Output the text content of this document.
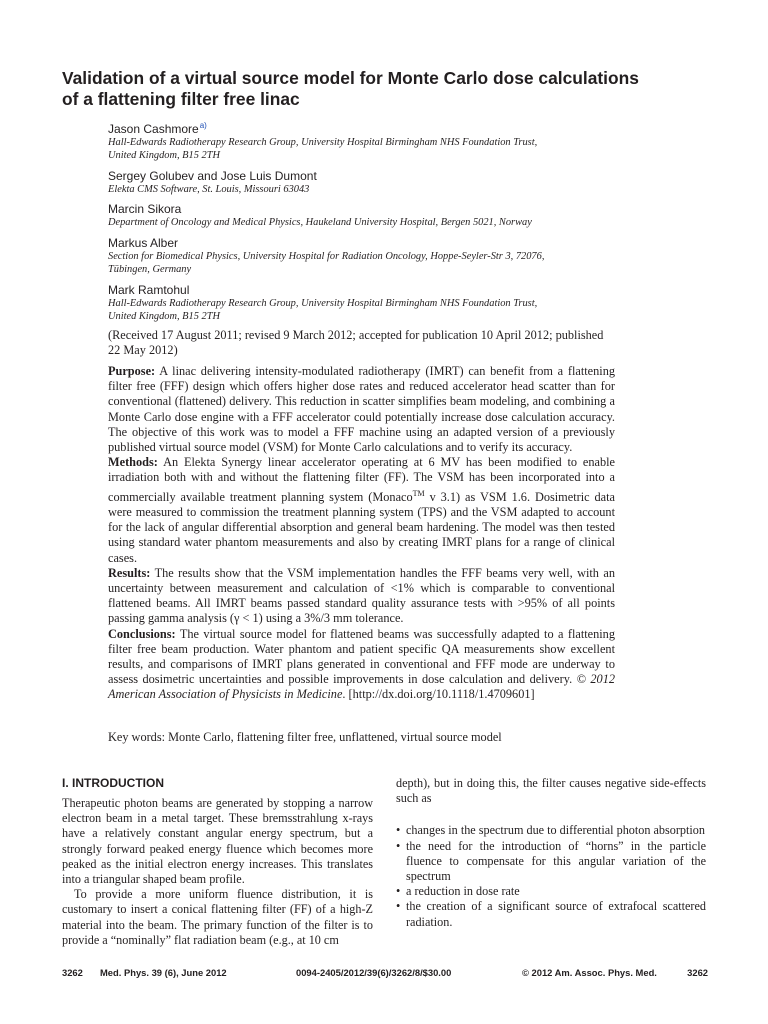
Validation of a virtual source model for Monte Carlo dose calculations
of a flattening filter free linac
Jason Cashmore$^{a)}$
Hall-Edwards Radiotherapy Research Group, University Hospital Birmingham NHS Foundation Trust,
United Kingdom, B15 2TH
Sergey Golubev and Jose Luis Dumont
Elekta CMS Software, St. Louis, Missouri 63043
Marcin Sikora
Department of Oncology and Medical Physics, Haukeland University Hospital, Bergen 5021, Norway
Markus Alber
Section for Biomedical Physics, University Hospital for Radiation Oncology, Hoppe-Seyler-Str 3, 72076,
Tübingen, Germany
Mark Ramtohul
Hall-Edwards Radiotherapy Research Group, University Hospital Birmingham NHS Foundation Trust,
United Kingdom, B15 2TH
(Received 17 August 2011; revised 9 March 2012; accepted for publication 10 April 2012; published 22 May 2012)

Purpose: A linac delivering intensity-modulated radiotherapy (IMRT) can benefit from a flattening filter free (FFF) design which offers higher dose rates and reduced accelerator head scatter than for conventional (flattened) delivery. This reduction in scatter simplifies beam modeling, and combining a Monte Carlo dose engine with a FFF accelerator could potentially increase dose calculation accuracy. The objective of this work was to model a FFF machine using an adapted version of a previously published virtual source model (VSM) for Monte Carlo calculations and to verify its accuracy.

Methods: An Elekta Synergy linear accelerator operating at 6 MV has been modified to enable irradiation both with and without the flattening filter (FF). The VSM has been incorporated into a commercially available treatment planning system (Monaco™ v 3.1) as VSM 1.6. Dosimetric data were measured to commission the treatment planning system (TPS) and the VSM adapted to account for the lack of angular differential absorption and general beam hardening. The model was then tested using standard water phantom measurements and also by creating IMRT plans for a range of clinical cases.

Results: The results show that the VSM implementation handles the FFF beams very well, with an uncertainty between measurement and calculation of <1% which is comparable to conventional flattened beams. All IMRT beams passed standard quality assurance tests with >95% of all points passing gamma analysis (γ < 1) using a 3%/3 mm tolerance.

Conclusions: The virtual source model for flattened beams was successfully adapted to a flattening filter free beam production. Water phantom and patient specific QA measurements show excellent results, and comparisons of IMRT plans generated in conventional and FFF mode are underway to assess dosimetric uncertainties and possible improvements in dose calculation and delivery. © 2012 American Association of Physicists in Medicine. [http://dx.doi.org/10.1118/1.4709601]

Key words: Monte Carlo, flattening filter free, unflattened, virtual source model
I. INTRODUCTION

Therapeutic photon beams are generated by stopping a narrow electron beam in a metal target. These bremsstrahlung x-rays have a relatively constant angular energy spectrum, but a strongly forward peaked energy fluence which becomes more peaked as the initial electron energy increases. This translates into a triangular shaped beam profile.

To provide a more uniform fluence distribution, it is customary to insert a conical flattening filter (FF) of a high-Z material into the beam. The primary function of the filter is to provide a “nominally” flat radiation beam (e.g., at 10 cm

depth), but in doing this, the filter causes negative side-effects such as

• changes in the spectrum due to differential photon absorption
• the need for the introduction of “horns” in the particle fluence to compensate for this angular variation of the spectrum
• a reduction in dose rate
• the creation of a significant source of extrafocal scattered radiation.
3262 Med. Phys. 39 (6), June 2012	0094-2405/2012/39(6)/3262/8/$30.00	© 2012 Am. Assoc. Phys. Med.	3262
